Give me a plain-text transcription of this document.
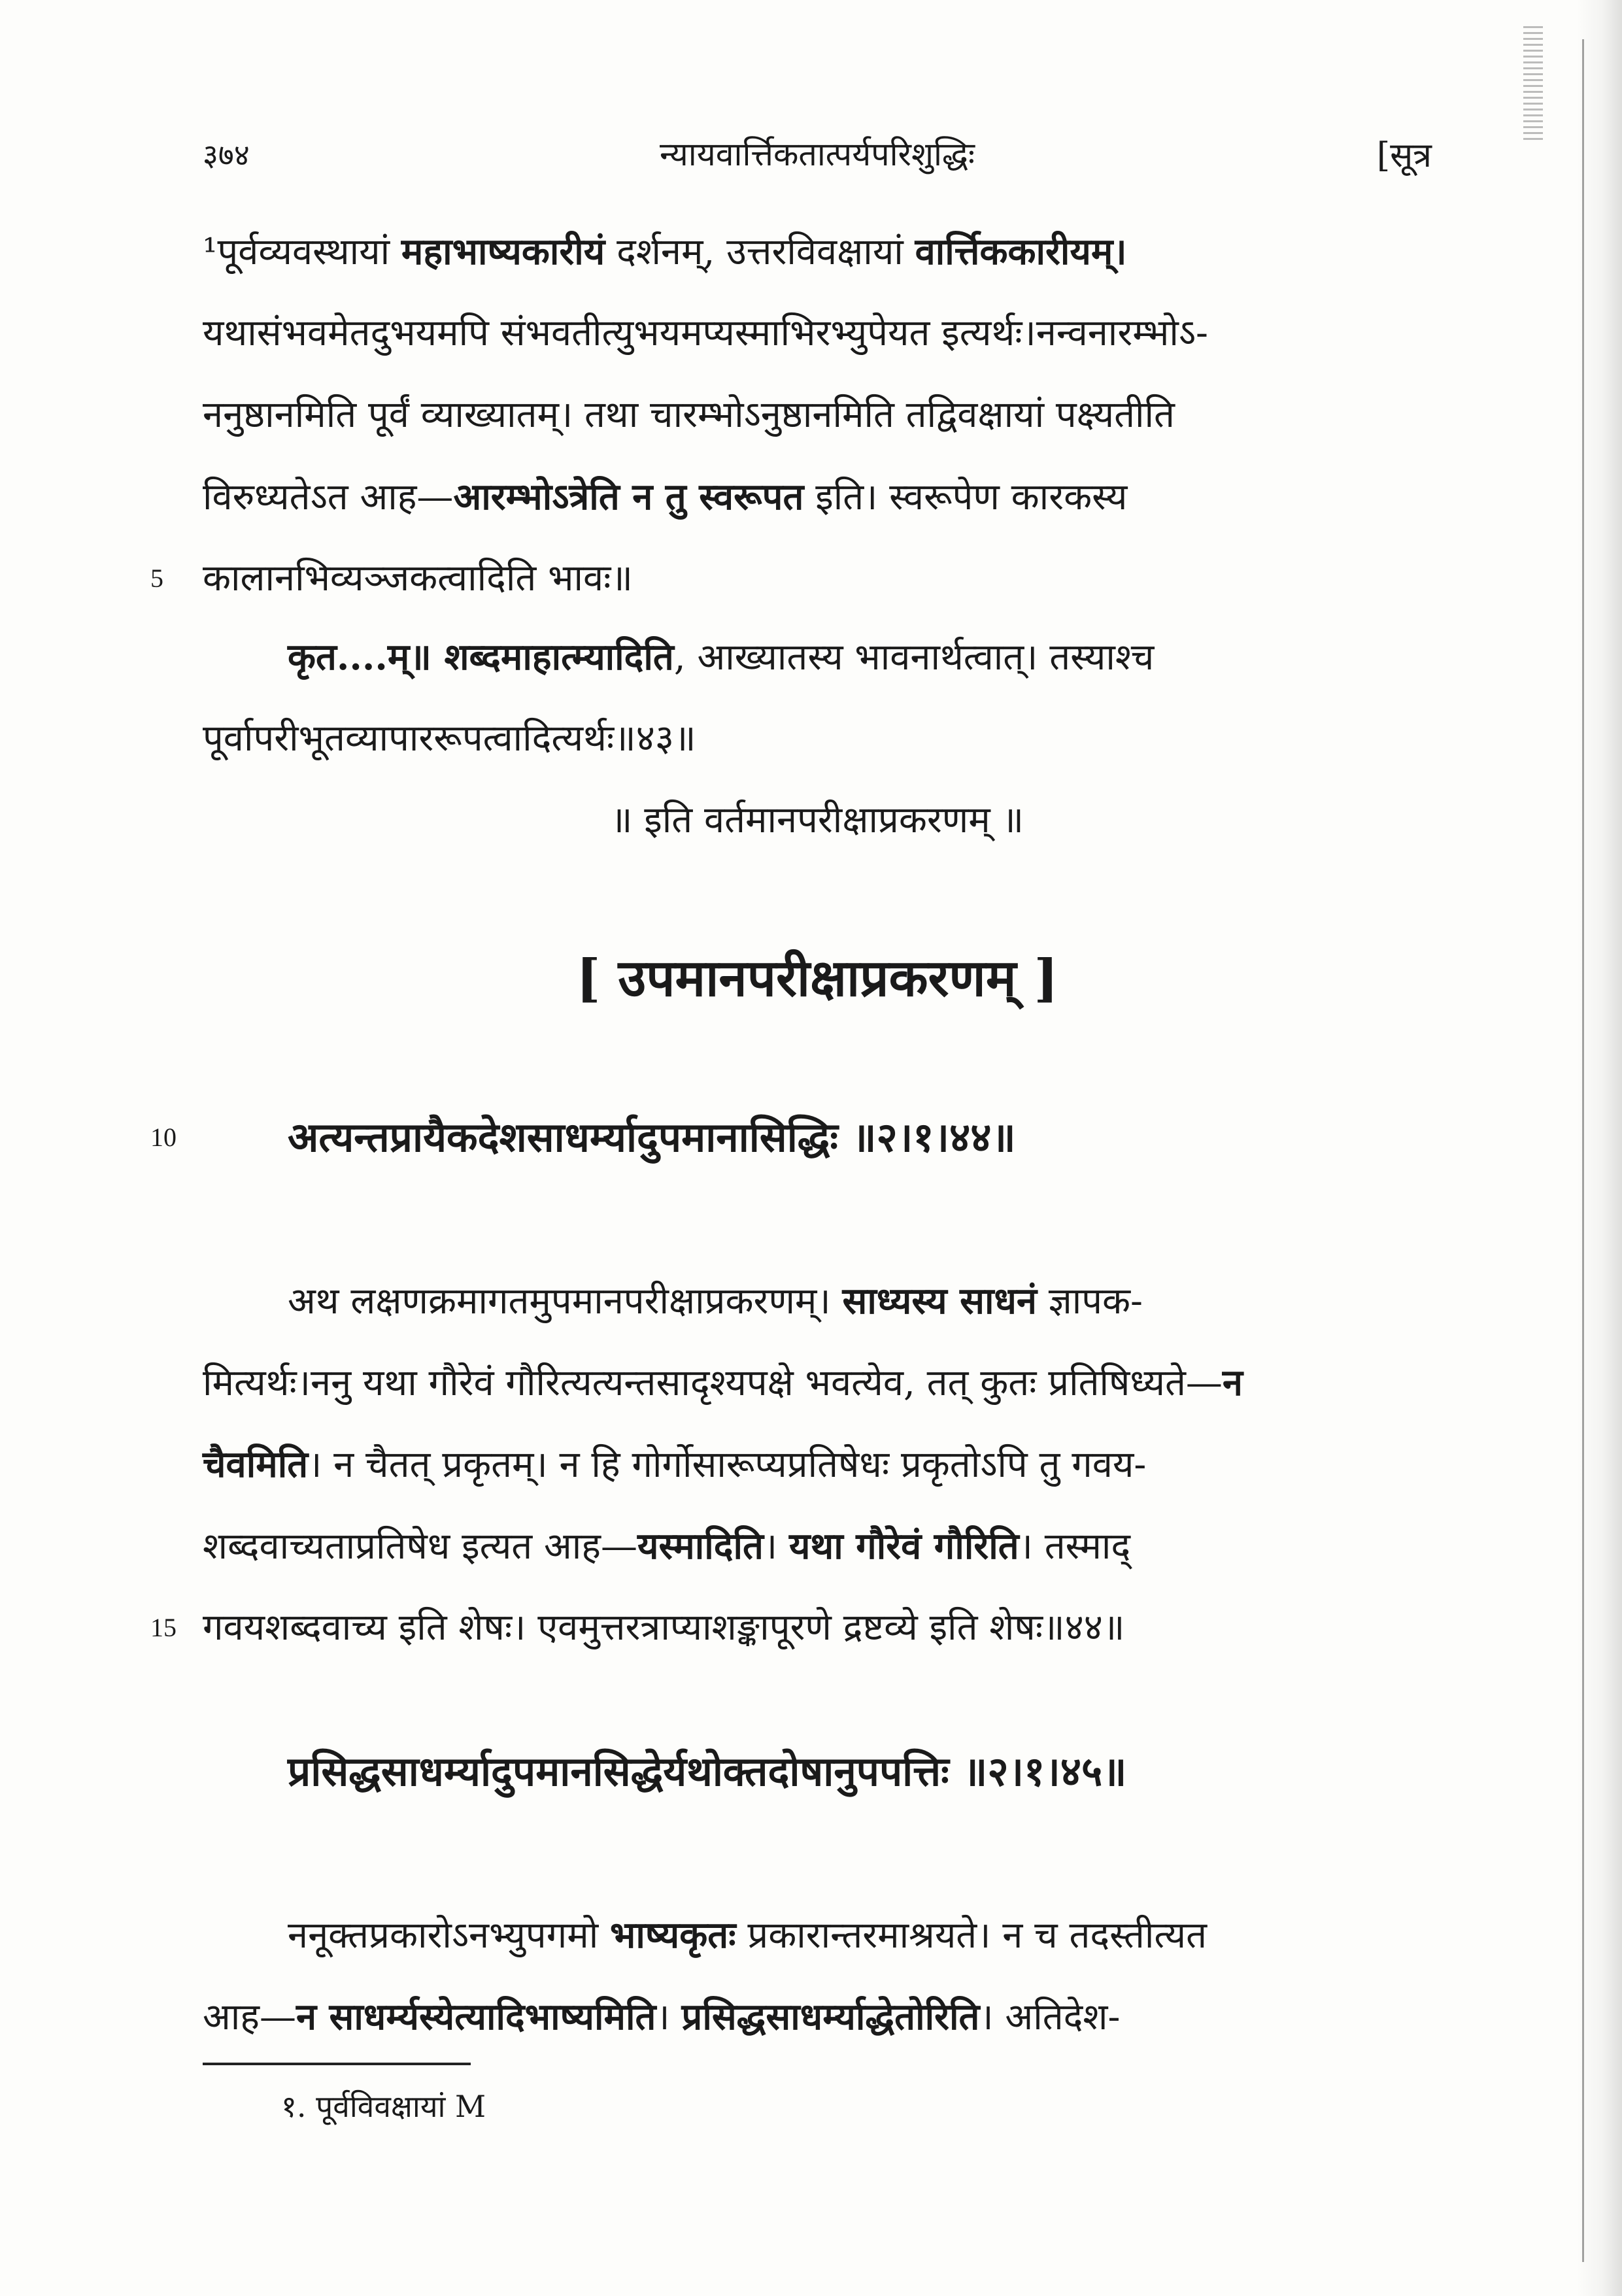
३७४	न्यायवार्त्तिकतात्पर्यपरिशुद्धिः	[सूत्र
¹पूर्वव्यवस्थायां महाभाष्यकारीयं दर्शनम्, उत्तरविवक्षायां वार्त्तिककारीयम्।
यथासंभवमेतदुभयमपि संभवतीत्युभयमप्यस्माभिरभ्युपेयत इत्यर्थः।नन्वनारम्भोऽ-
ननुष्ठानमिति पूर्वं व्याख्यातम्। तथा चारम्भोऽनुष्ठानमिति तद्विवक्षायां पक्ष्यतीति
विरुध्यतेऽत आह—आरम्भोऽत्रेति न तु स्वरूपत इति। स्वरूपेण कारकस्य
5 कालानभिव्यञ्जकत्वादिति भावः॥
कृत....म्॥ शब्दमाहात्म्यादिति, आख्यातस्य भावनार्थत्वात्। तस्याश्च
पूर्वापरीभूतव्यापाररूपत्वादित्यर्थः॥४३॥
॥ इति वर्तमानपरीक्षाप्रकरणम् ॥
[ उपमानपरीक्षाप्रकरणम् ]
10	अत्यन्तप्रायैकदेशसाधर्म्यादुपमानासिद्धिः ॥२।१।४४॥
अथ लक्षणक्रमागतमुपमानपरीक्षाप्रकरणम्। साध्यस्य साधनं ज्ञापक-
मित्यर्थः।ननु यथा गौरेवं गौरित्यत्यन्तसादृश्यपक्षे भवत्येव, तत् कुतः प्रतिषिध्यते—न
चैवमिति। न चैतत् प्रकृतम्। न हि गोर्गोसारूप्यप्रतिषेधः प्रकृतोऽपि तु गवय-
शब्दवाच्यताप्रतिषेध इत्यत आह—यस्मादिति। यथा गौरेवं गौरिति। तस्माद्
15 गवयशब्दवाच्य इति शेषः। एवमुत्तरत्राप्याशङ्कापूरणे द्रष्टव्ये इति शेषः॥४४॥
प्रसिद्धसाधर्म्यादुपमानसिद्धेर्यथोक्तदोषानुपपत्तिः ॥२।१।४५॥
ननूक्तप्रकारोऽनभ्युपगमो भाष्यकृतः प्रकारान्तरमाश्रयते। न च तदस्तीत्यत
आह—न साधर्म्यस्येत्यादिभाष्यमिति। प्रसिद्धसाधर्म्याद्धेतोरिति। अतिदेश-
१. पूर्वविवक्षायां M
